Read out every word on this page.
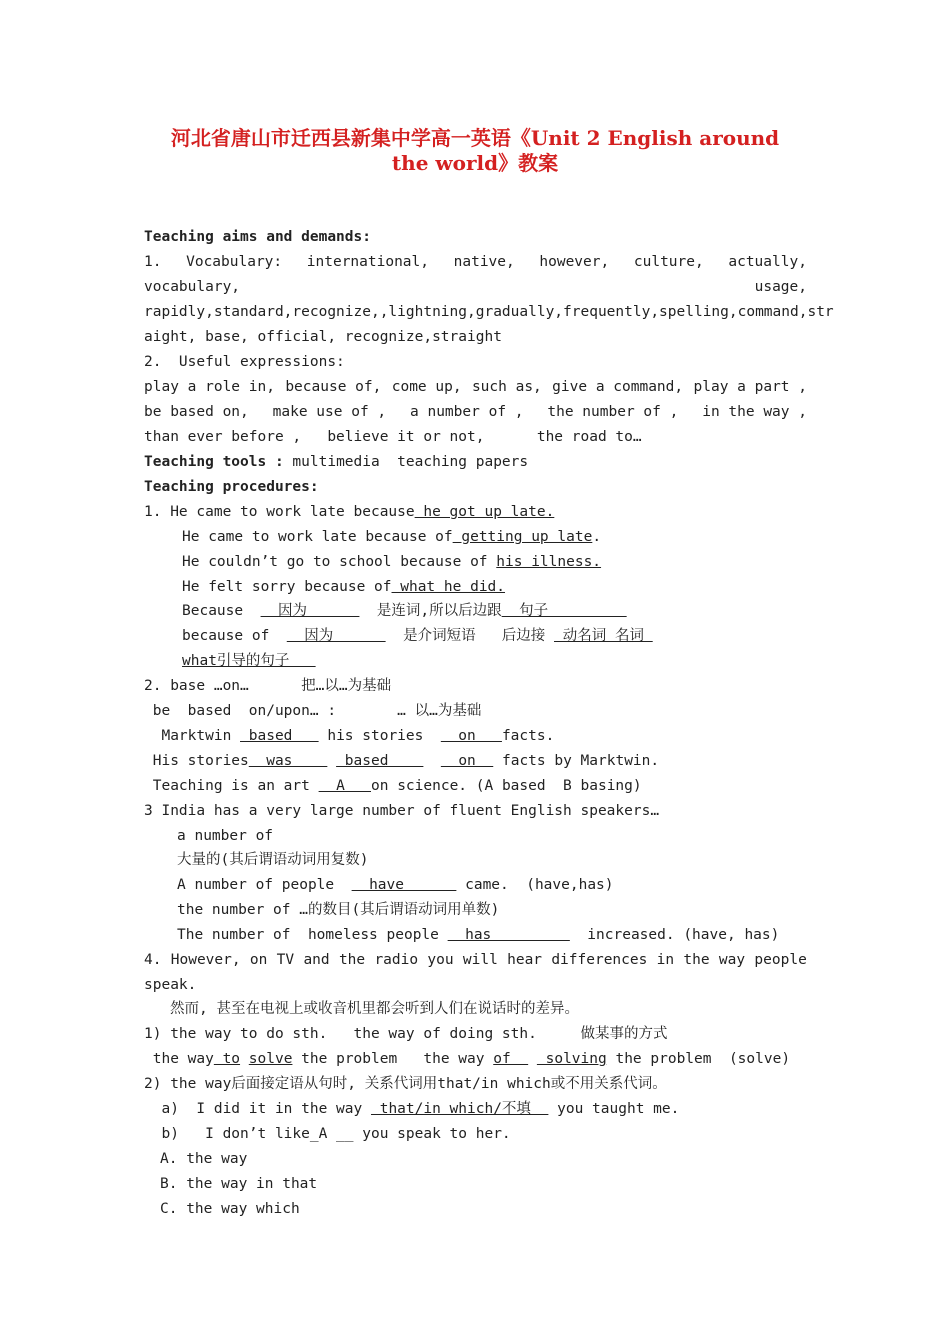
河北省唐山市迁西县新集中学高一英语《Unit 2 English around
the world》教案
Teaching aims and demands:
1. Vocabulary: international, native, however, culture, actually,
vocabulary,	usage,
rapidly,standard,recognize,,lightning,gradually,frequently,spelling,command,str
aight, base, official, recognize,straight
2.  Useful expressions:
play a role in, because of, come up, such as, give a command, play a part ,
be based on, make use of , a number of , the number of , in the way ,
than ever before ,   believe it or not,      the road to…
Teaching tools : multimedia  teaching papers
Teaching procedures:
1. He came to work late because he got up late.
He came to work late because of getting up late.
He couldn’t go to school because of his illness.
He felt sorry because of what he did.
Because    因为        是连词,所以后边跟  句子
because of    因为        是介词短语   后边接  动名词 名词
what引导的句子
2. base …on…      把…以…为基础
be  based  on/upon… :       … 以…为基础
Marktwin  based    his stories    on   facts.
His stories  was      based        on   facts by Marktwin.
Teaching is an art   A   on science. (A based  B basing)
3 India has a very large number of fluent English speakers…
a number of
大量的(其后谓语动词用复数)
A number of people    have       came.  (have,has)
the number of …的数目(其后谓语动词用单数)
The number of  homeless people   has           increased. (have, has)
4. However, on TV and the radio you will hear differences in the way people
speak.
然而, 甚至在电视上或收音机里都会听到人们在说话时的差异。
1) the way to do sth.   the way of doing sth.     做某事的方式
the way to solve the problem   the way of    solving the problem  (solve)
2) the way后面接定语从句时, 关系代词用that/in which或不用关系代词。
a)  I did it in the way  that/in which/不填   you taught me.
b)   I don’t like_A __ you speak to her.
A. the way
B. the way in that
C. the way which
